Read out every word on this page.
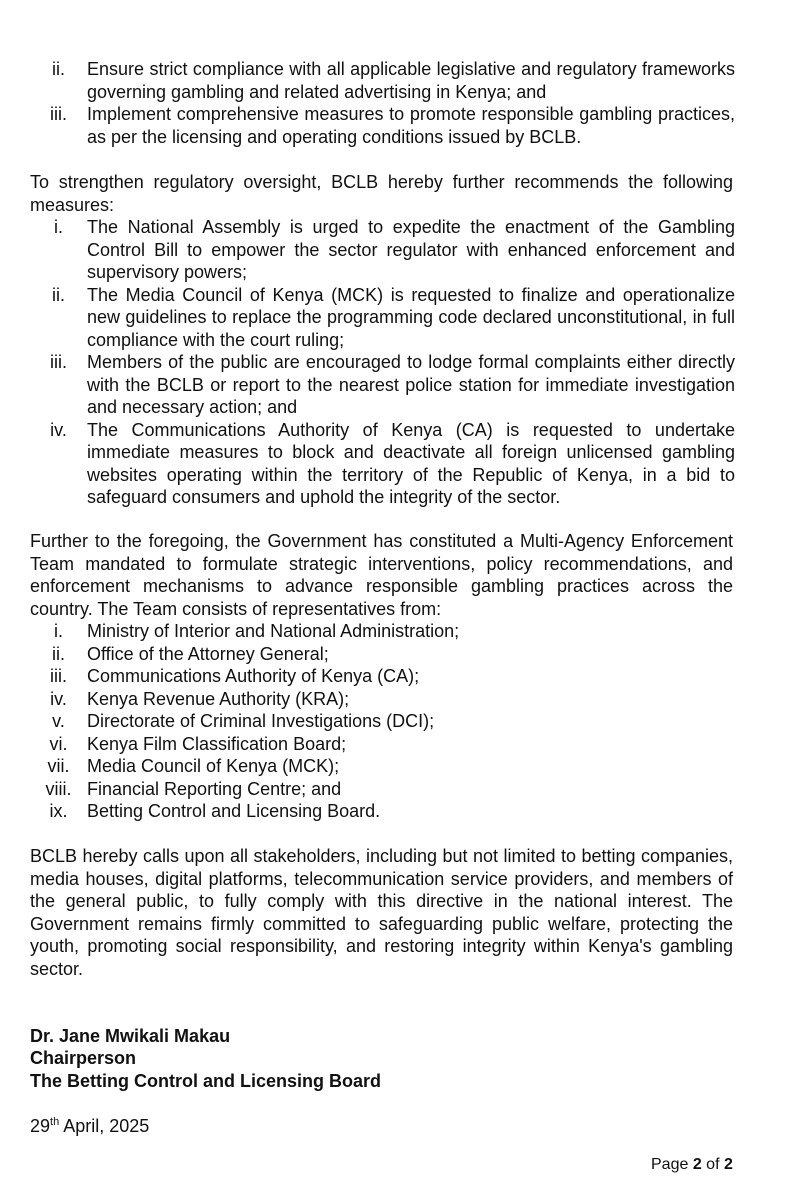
ii.	Ensure strict compliance with all applicable legislative and regulatory frameworks governing gambling and related advertising in Kenya; and
iii.	Implement comprehensive measures to promote responsible gambling practices, as per the licensing and operating conditions issued by BCLB.
To strengthen regulatory oversight, BCLB hereby further recommends the following measures:
i.	The National Assembly is urged to expedite the enactment of the Gambling Control Bill to empower the sector regulator with enhanced enforcement and supervisory powers;
ii.	The Media Council of Kenya (MCK) is requested to finalize and operationalize new guidelines to replace the programming code declared unconstitutional, in full compliance with the court ruling;
iii.	Members of the public are encouraged to lodge formal complaints either directly with the BCLB or report to the nearest police station for immediate investigation and necessary action; and
iv.	The Communications Authority of Kenya (CA) is requested to undertake immediate measures to block and deactivate all foreign unlicensed gambling websites operating within the territory of the Republic of Kenya, in a bid to safeguard consumers and uphold the integrity of the sector.
Further to the foregoing, the Government has constituted a Multi-Agency Enforcement Team mandated to formulate strategic interventions, policy recommendations, and enforcement mechanisms to advance responsible gambling practices across the country. The Team consists of representatives from:
i.	Ministry of Interior and National Administration;
ii.	Office of the Attorney General;
iii.	Communications Authority of Kenya (CA);
iv.	Kenya Revenue Authority (KRA);
v.	Directorate of Criminal Investigations (DCI);
vi.	Kenya Film Classification Board;
vii. Media Council of Kenya (MCK);
viii. Financial Reporting Centre; and
ix.	Betting Control and Licensing Board.
BCLB hereby calls upon all stakeholders, including but not limited to betting companies, media houses, digital platforms, telecommunication service providers, and members of the general public, to fully comply with this directive in the national interest. The Government remains firmly committed to safeguarding public welfare, protecting the youth, promoting social responsibility, and restoring integrity within Kenya's gambling sector.
Dr. Jane Mwikali Makau
Chairperson
The Betting Control and Licensing Board
29th April, 2025
Page 2 of 2
